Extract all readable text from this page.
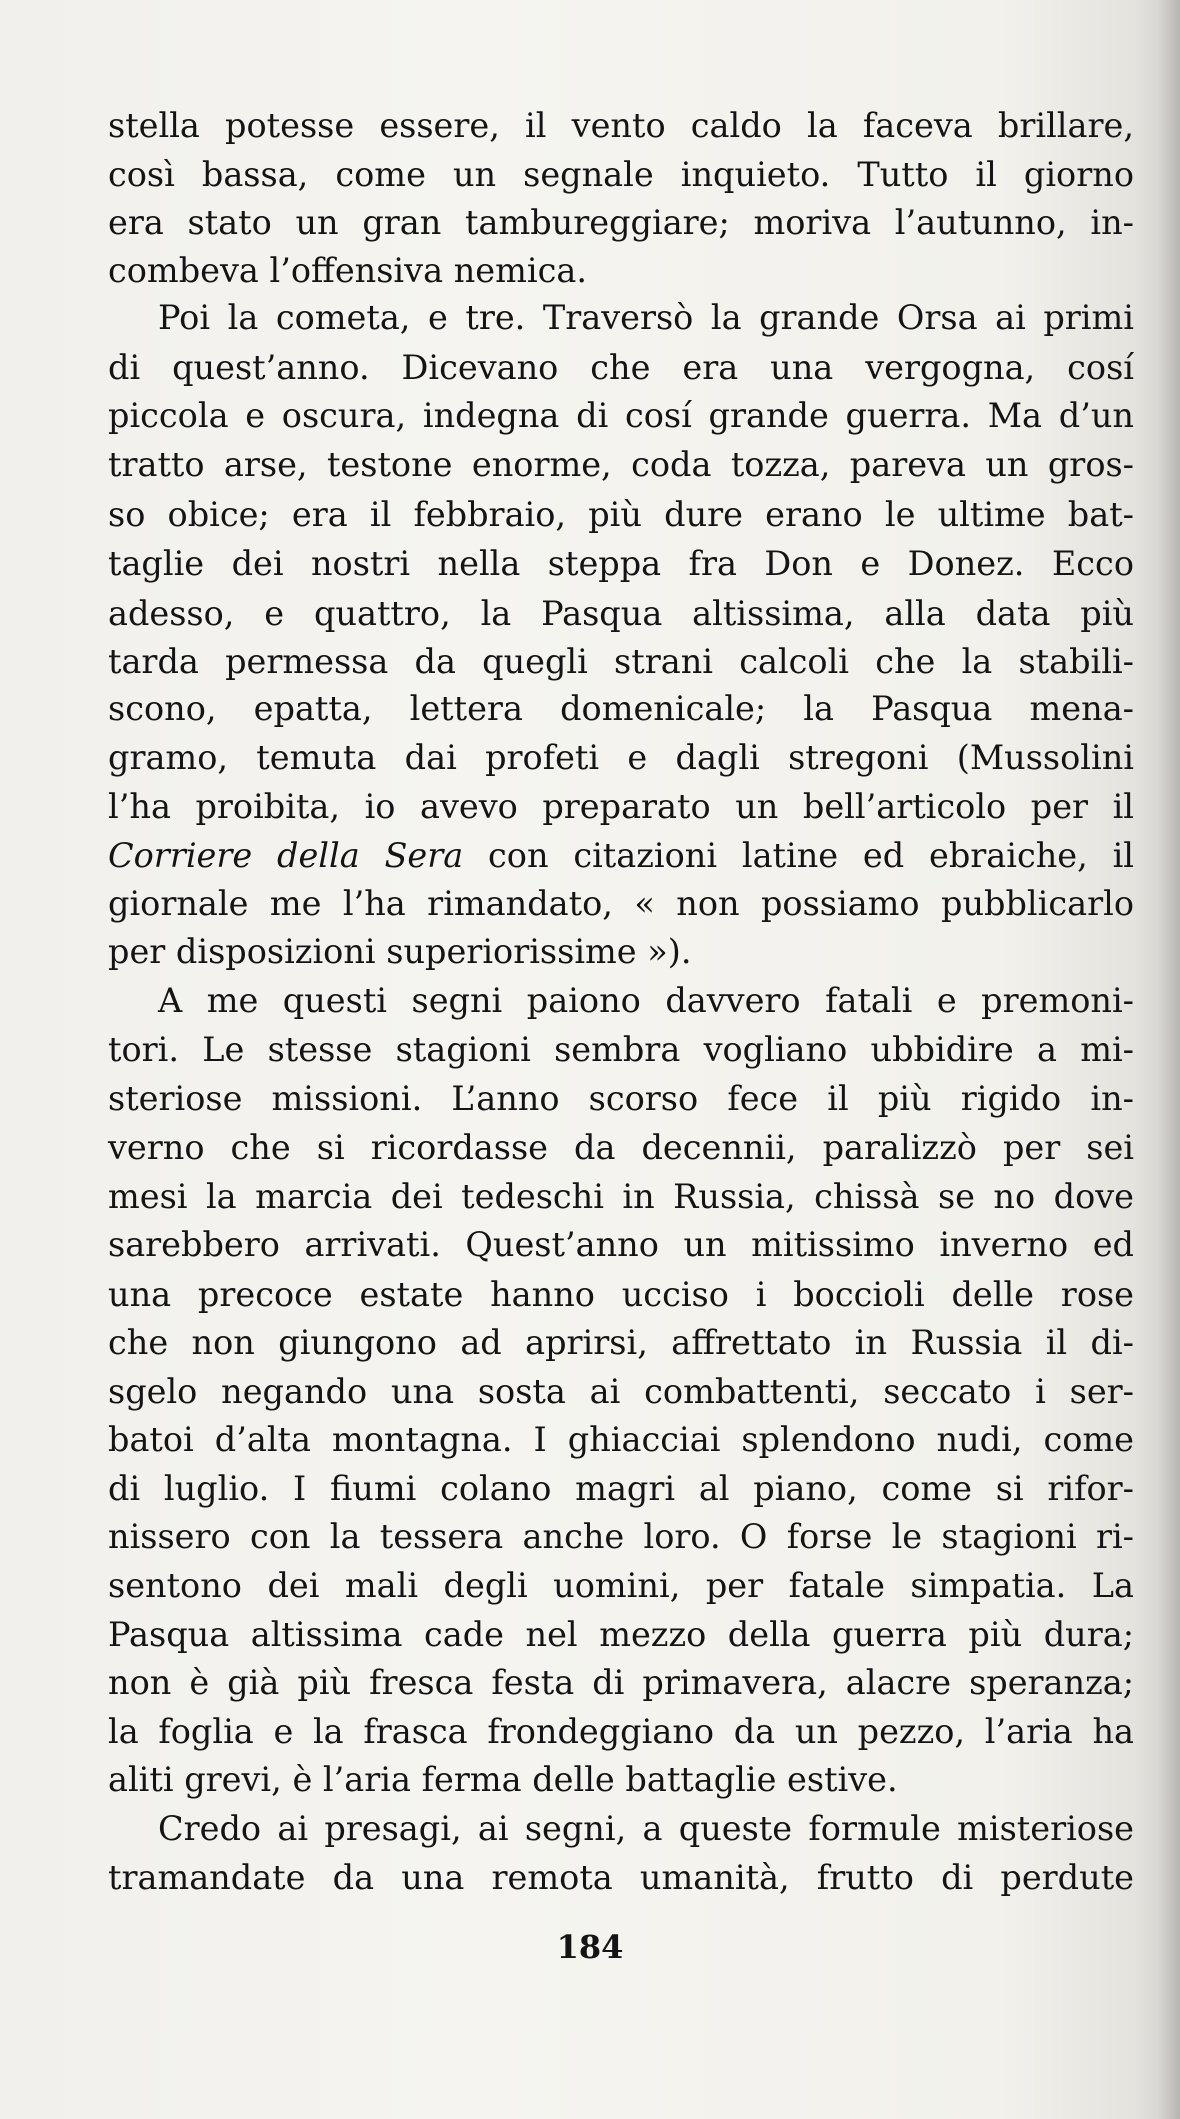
stella potesse essere, il vento caldo la faceva brillare,
così bassa, come un segnale inquieto. Tutto il giorno
era stato un gran tambureggiare; moriva l’autunno, in-
combeva l’offensiva nemica.
Poi la cometa, e tre. Traversò la grande Orsa ai primi
di quest’anno. Dicevano che era una vergogna, cosí
piccola e oscura, indegna di cosí grande guerra. Ma d’un
tratto arse, testone enorme, coda tozza, pareva un gros-
so obice; era il febbraio, più dure erano le ultime bat-
taglie dei nostri nella steppa fra Don e Donez. Ecco
adesso, e quattro, la Pasqua altissima, alla data più
tarda permessa da quegli strani calcoli che la stabili-
scono, epatta, lettera domenicale; la Pasqua mena-
gramo, temuta dai profeti e dagli stregoni (Mussolini
l’ha proibita, io avevo preparato un bell’articolo per il
Corriere della Sera con citazioni latine ed ebraiche, il
giornale me l’ha rimandato, « non possiamo pubblicarlo
per disposizioni superiorissime »).
A me questi segni paiono davvero fatali e premoni-
tori. Le stesse stagioni sembra vogliano ubbidire a mi-
steriose missioni. L’anno scorso fece il più rigido in-
verno che si ricordasse da decennii, paralizzò per sei
mesi la marcia dei tedeschi in Russia, chissà se no dove
sarebbero arrivati. Quest’anno un mitissimo inverno ed
una precoce estate hanno ucciso i boccioli delle rose
che non giungono ad aprirsi, affrettato in Russia il di-
sgelo negando una sosta ai combattenti, seccato i ser-
batoi d’alta montagna. I ghiacciai splendono nudi, come
di luglio. I fiumi colano magri al piano, come si rifor-
nissero con la tessera anche loro. O forse le stagioni ri-
sentono dei mali degli uomini, per fatale simpatia. La
Pasqua altissima cade nel mezzo della guerra più dura;
non è già più fresca festa di primavera, alacre speranza;
la foglia e la frasca frondeggiano da un pezzo, l’aria ha
aliti grevi, è l’aria ferma delle battaglie estive.
Credo ai presagi, ai segni, a queste formule misteriose
tramandate da una remota umanità, frutto di perdute
184
